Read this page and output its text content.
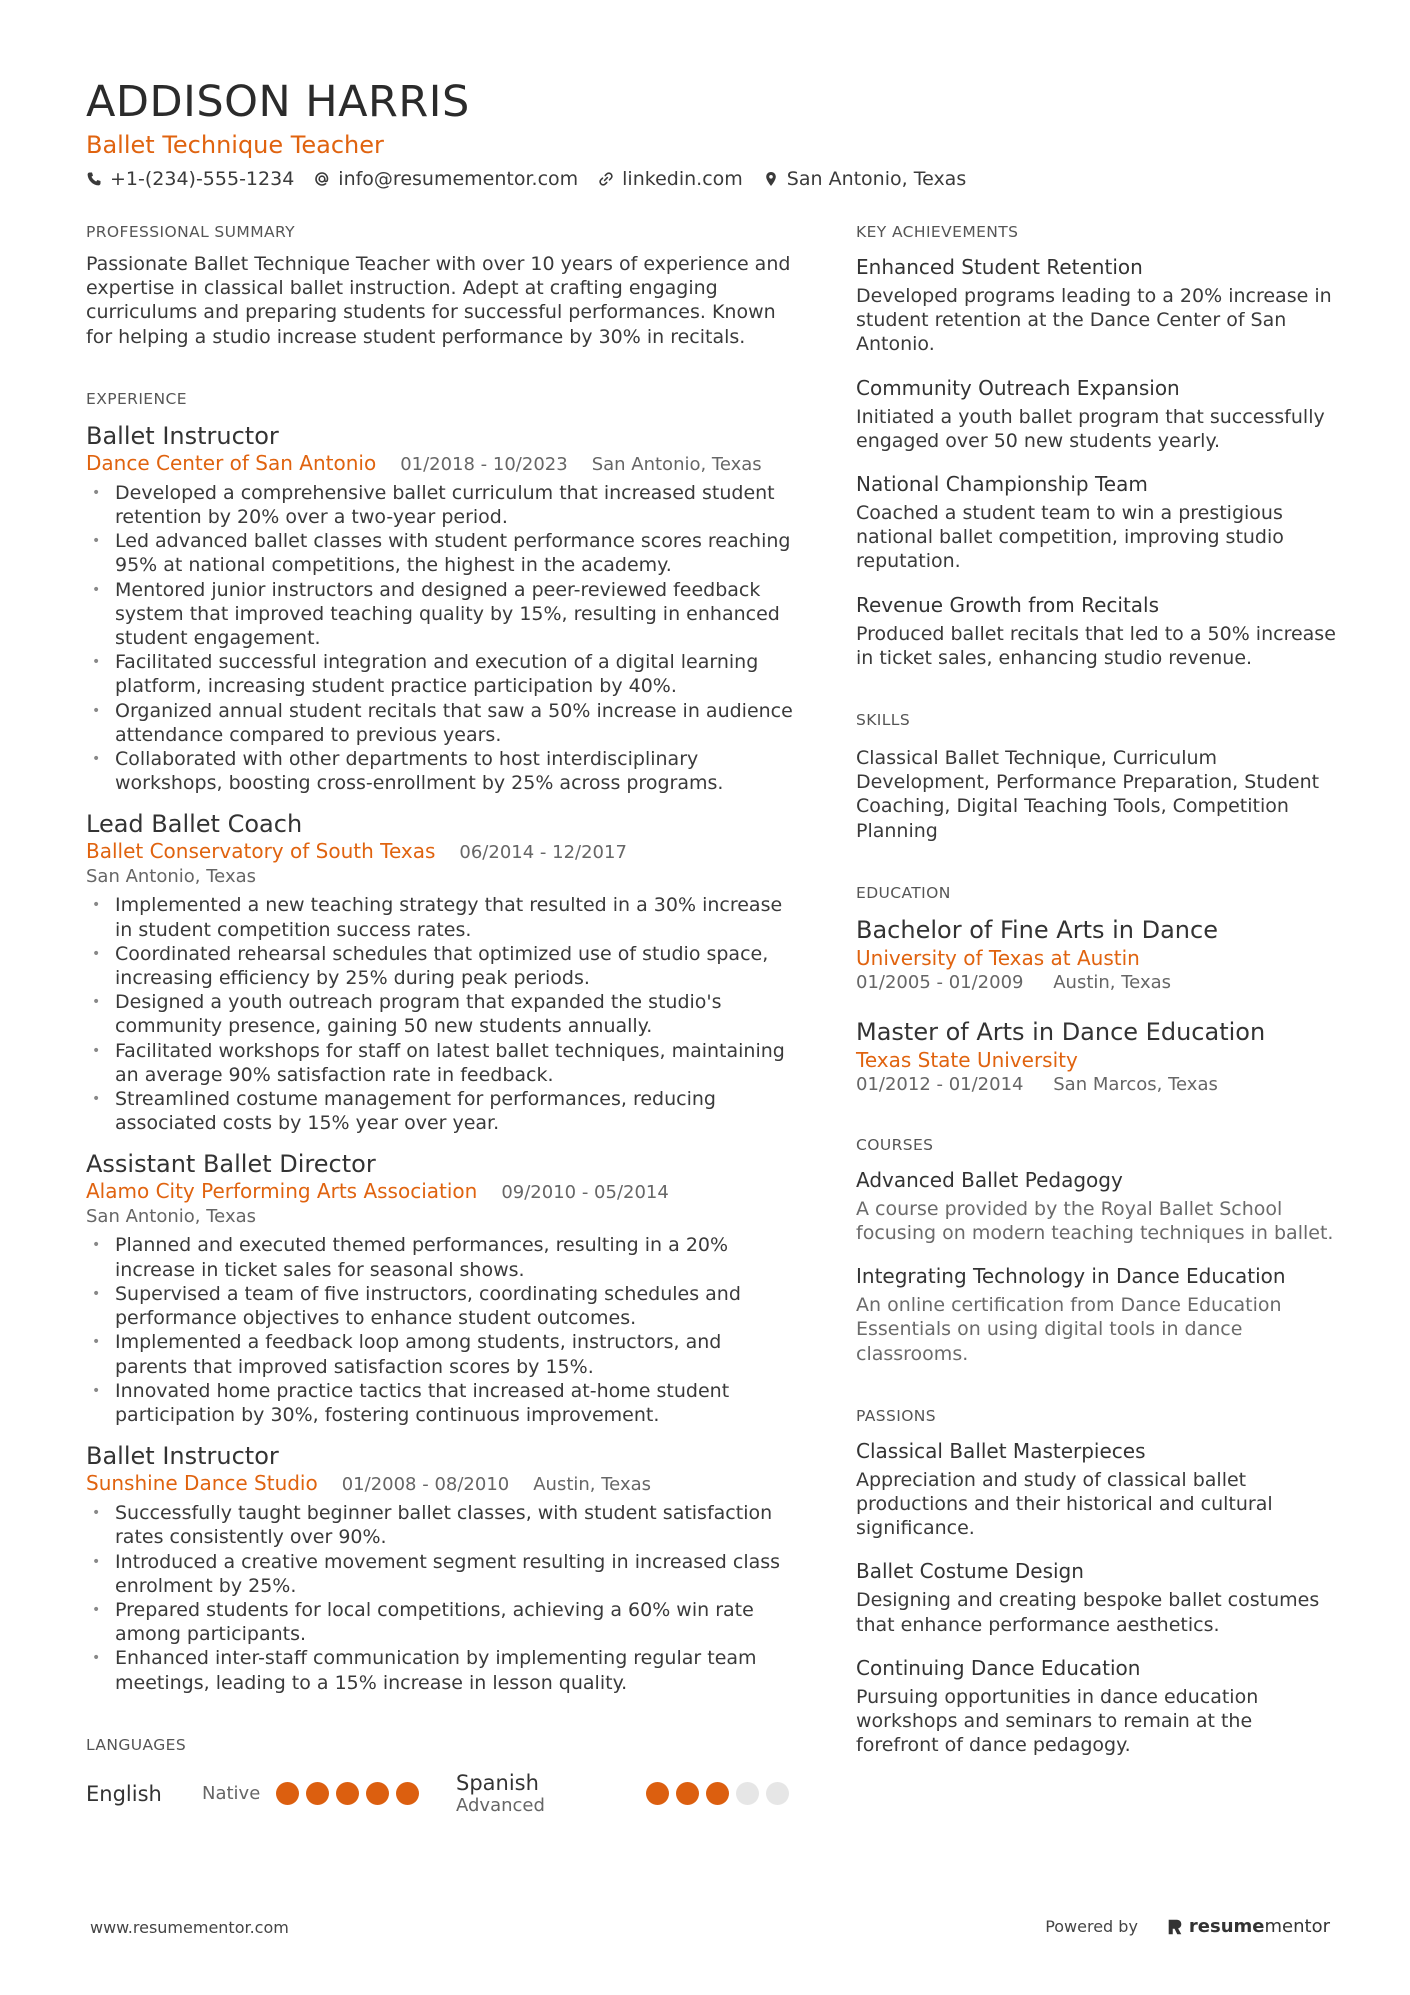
ADDISON HARRIS
Ballet Technique Teacher
+1-(234)-555-1234 info@resumementor.com linkedin.com San Antonio, Texas
PROFESSIONAL SUMMARY
Passionate Ballet Technique Teacher with over 10 years of experience and expertise in classical ballet instruction. Adept at crafting engaging curriculums and preparing students for successful performances. Known for helping a studio increase student performance by 30% in recitals.
EXPERIENCE
Ballet Instructor
Dance Center of San Antonio 01/2018 - 10/2023 San Antonio, Texas
• Developed a comprehensive ballet curriculum that increased student retention by 20% over a two-year period.
• Led advanced ballet classes with student performance scores reaching 95% at national competitions, the highest in the academy.
• Mentored junior instructors and designed a peer-reviewed feedback system that improved teaching quality by 15%, resulting in enhanced student engagement.
• Facilitated successful integration and execution of a digital learning platform, increasing student practice participation by 40%.
• Organized annual student recitals that saw a 50% increase in audience attendance compared to previous years.
• Collaborated with other departments to host interdisciplinary workshops, boosting cross-enrollment by 25% across programs.
Lead Ballet Coach
Ballet Conservatory of South Texas 06/2014 - 12/2017
San Antonio, Texas
• Implemented a new teaching strategy that resulted in a 30% increase in student competition success rates.
• Coordinated rehearsal schedules that optimized use of studio space, increasing efficiency by 25% during peak periods.
• Designed a youth outreach program that expanded the studio's community presence, gaining 50 new students annually.
• Facilitated workshops for staff on latest ballet techniques, maintaining an average 90% satisfaction rate in feedback.
• Streamlined costume management for performances, reducing associated costs by 15% year over year.
Assistant Ballet Director
Alamo City Performing Arts Association 09/2010 - 05/2014
San Antonio, Texas
• Planned and executed themed performances, resulting in a 20% increase in ticket sales for seasonal shows.
• Supervised a team of five instructors, coordinating schedules and performance objectives to enhance student outcomes.
• Implemented a feedback loop among students, instructors, and parents that improved satisfaction scores by 15%.
• Innovated home practice tactics that increased at-home student participation by 30%, fostering continuous improvement.
Ballet Instructor
Sunshine Dance Studio 01/2008 - 08/2010 Austin, Texas
• Successfully taught beginner ballet classes, with student satisfaction rates consistently over 90%.
• Introduced a creative movement segment resulting in increased class enrolment by 25%.
• Prepared students for local competitions, achieving a 60% win rate among participants.
• Enhanced inter-staff communication by implementing regular team meetings, leading to a 15% increase in lesson quality.
LANGUAGES
English	Native	Spanish
Advanced
KEY ACHIEVEMENTS
Enhanced Student Retention
Developed programs leading to a 20% increase in student retention at the Dance Center of San Antonio.
Community Outreach Expansion
Initiated a youth ballet program that successfully engaged over 50 new students yearly.
National Championship Team
Coached a student team to win a prestigious national ballet competition, improving studio reputation.
Revenue Growth from Recitals
Produced ballet recitals that led to a 50% increase in ticket sales, enhancing studio revenue.
SKILLS
Classical Ballet Technique, Curriculum Development, Performance Preparation, Student Coaching, Digital Teaching Tools, Competition Planning
EDUCATION
Bachelor of Fine Arts in Dance
University of Texas at Austin
01/2005 - 01/2009 Austin, Texas
Master of Arts in Dance Education
Texas State University
01/2012 - 01/2014 San Marcos, Texas
COURSES
Advanced Ballet Pedagogy
A course provided by the Royal Ballet School focusing on modern teaching techniques in ballet.
Integrating Technology in Dance Education
An online certification from Dance Education Essentials on using digital tools in dance classrooms.
PASSIONS
Classical Ballet Masterpieces
Appreciation and study of classical ballet productions and their historical and cultural significance.
Ballet Costume Design
Designing and creating bespoke ballet costumes that enhance performance aesthetics.
Continuing Dance Education
Pursuing opportunities in dance education workshops and seminars to remain at the forefront of dance pedagogy.
www.resumementor.com	Powered by	resume mentor
